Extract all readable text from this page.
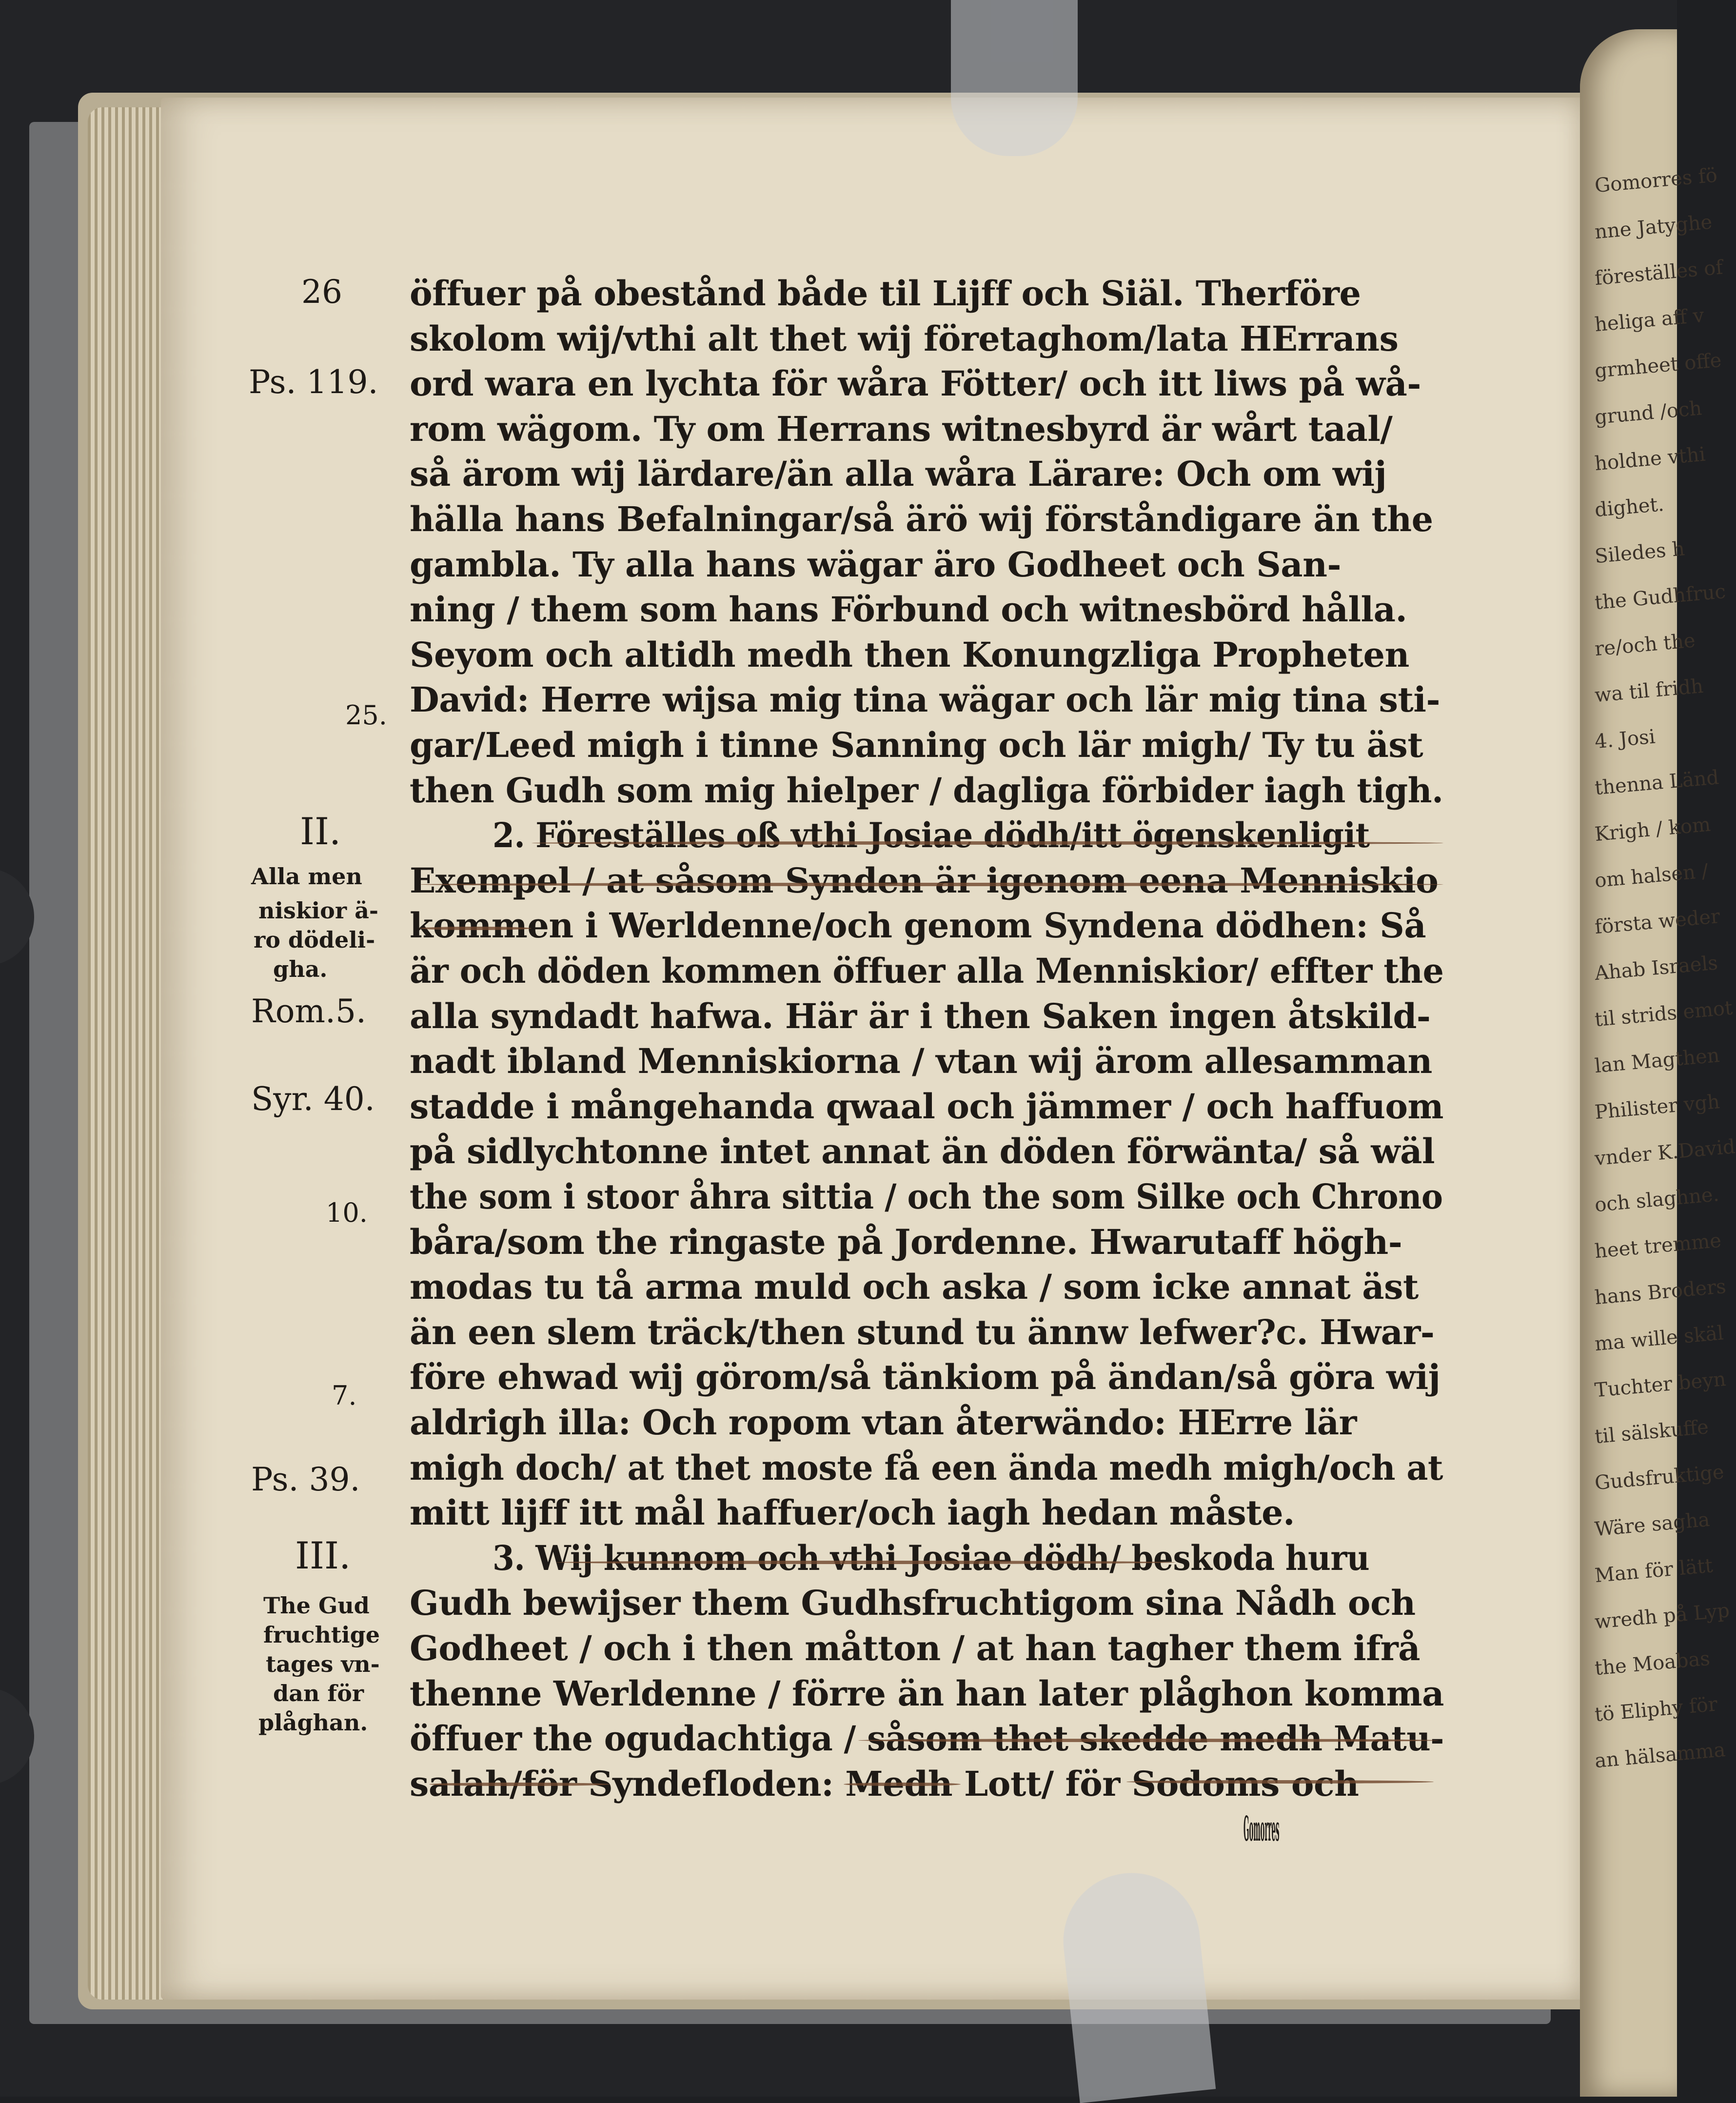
Gomorres fö
nne Jatyghe
föreställes of
heliga aff v
grmheet offe
grund /och
holdne vthi
dighet.
Siledes h
the Gudhfruc
re/och the
wa til fridh
4. Josi
thenna Länd
Krigh / kom
om halsen /
första weder
Ahab Israels
til strids emot
lan Magthen
Philister vgh
vnder K.David
och slaghne.
heet tremme
hans Broders
ma wille skäl
Tuchter beyn
til sälskuffe
Gudsfruktige
Wäre sagha
Man för lätt
wredh på Lyp
the Moabas
tö Eliphy för
an hälsamma
öffuer på obestånd både til Lijff och Siäl. Therföre
skolom wij/vthi alt thet wij företaghom/lata HErrans
ord wara en lychta för wåra Fötter/ och itt liws på wå-
rom wägom. Ty om Herrans witnesbyrd är wårt taal/
så ärom wij lärdare/än alla wåra Lärare: Och om wij
hälla hans Befalningar/så ärö wij förståndigare än the
gambla. Ty alla hans wägar äro Godheet och San-
ning / them som hans Förbund och witnesbörd hålla.
Seyom och altidh medh then Konungzliga Propheten
David: Herre wijsa mig tina wägar och lär mig tina sti-
gar/Leed migh i tinne Sanning och lär migh/ Ty tu äst
then Gudh som mig hielper / dagliga förbider iagh tigh.
2. Föreställes oß vthi Josiae dödh/itt ögenskenligit
Exempel / at såsom Synden är igenom eena Menniskio
kommen i Werldenne/och genom Syndena dödhen: Så
är och döden kommen öffuer alla Menniskior/ effter the
alla syndadt hafwa. Här är i then Saken ingen åtskild-
nadt ibland Menniskiorna / vtan wij ärom allesamman
stadde i mångehanda qwaal och jämmer / och haffuom
på sidlychtonne intet annat än döden förwänta/ så wäl
the som i stoor åhra sittia / och the som Silke och Chrono
båra/som the ringaste på Jordenne. Hwarutaff högh-
modas tu tå arma muld och aska / som icke annat äst
än een slem träck/then stund tu ännw lefwer?c. Hwar-
före ehwad wij görom/så tänkiom på ändan/så göra wij
aldrigh illa: Och ropom vtan återwändo: HErre lär
migh doch/ at thet moste få een ända medh migh/och at
mitt lijff itt mål haffuer/och iagh hedan måste.
3. Wij kunnom och vthi Josiae dödh/ beskoda huru
Gudh bewijser them Gudhsfruchtigom sina Nådh och
Godheet / och i then måtton / at han tagher them ifrå
thenne Werldenne / förre än han later plåghon komma
öffuer the ogudachtiga / såsom thet skedde medh Matu-
salah/för Syndefloden: Medh Lott/ för Sodoms och
Gomorres
26
Ps. 119.
25.
II.
Alla men
niskior ä-
ro dödeli-
gha.
Rom.5.
Syr. 40.
10.
7.
Ps. 39.
III.
The Gud
fruchtige
tages vn-
dan för
plåghan.
